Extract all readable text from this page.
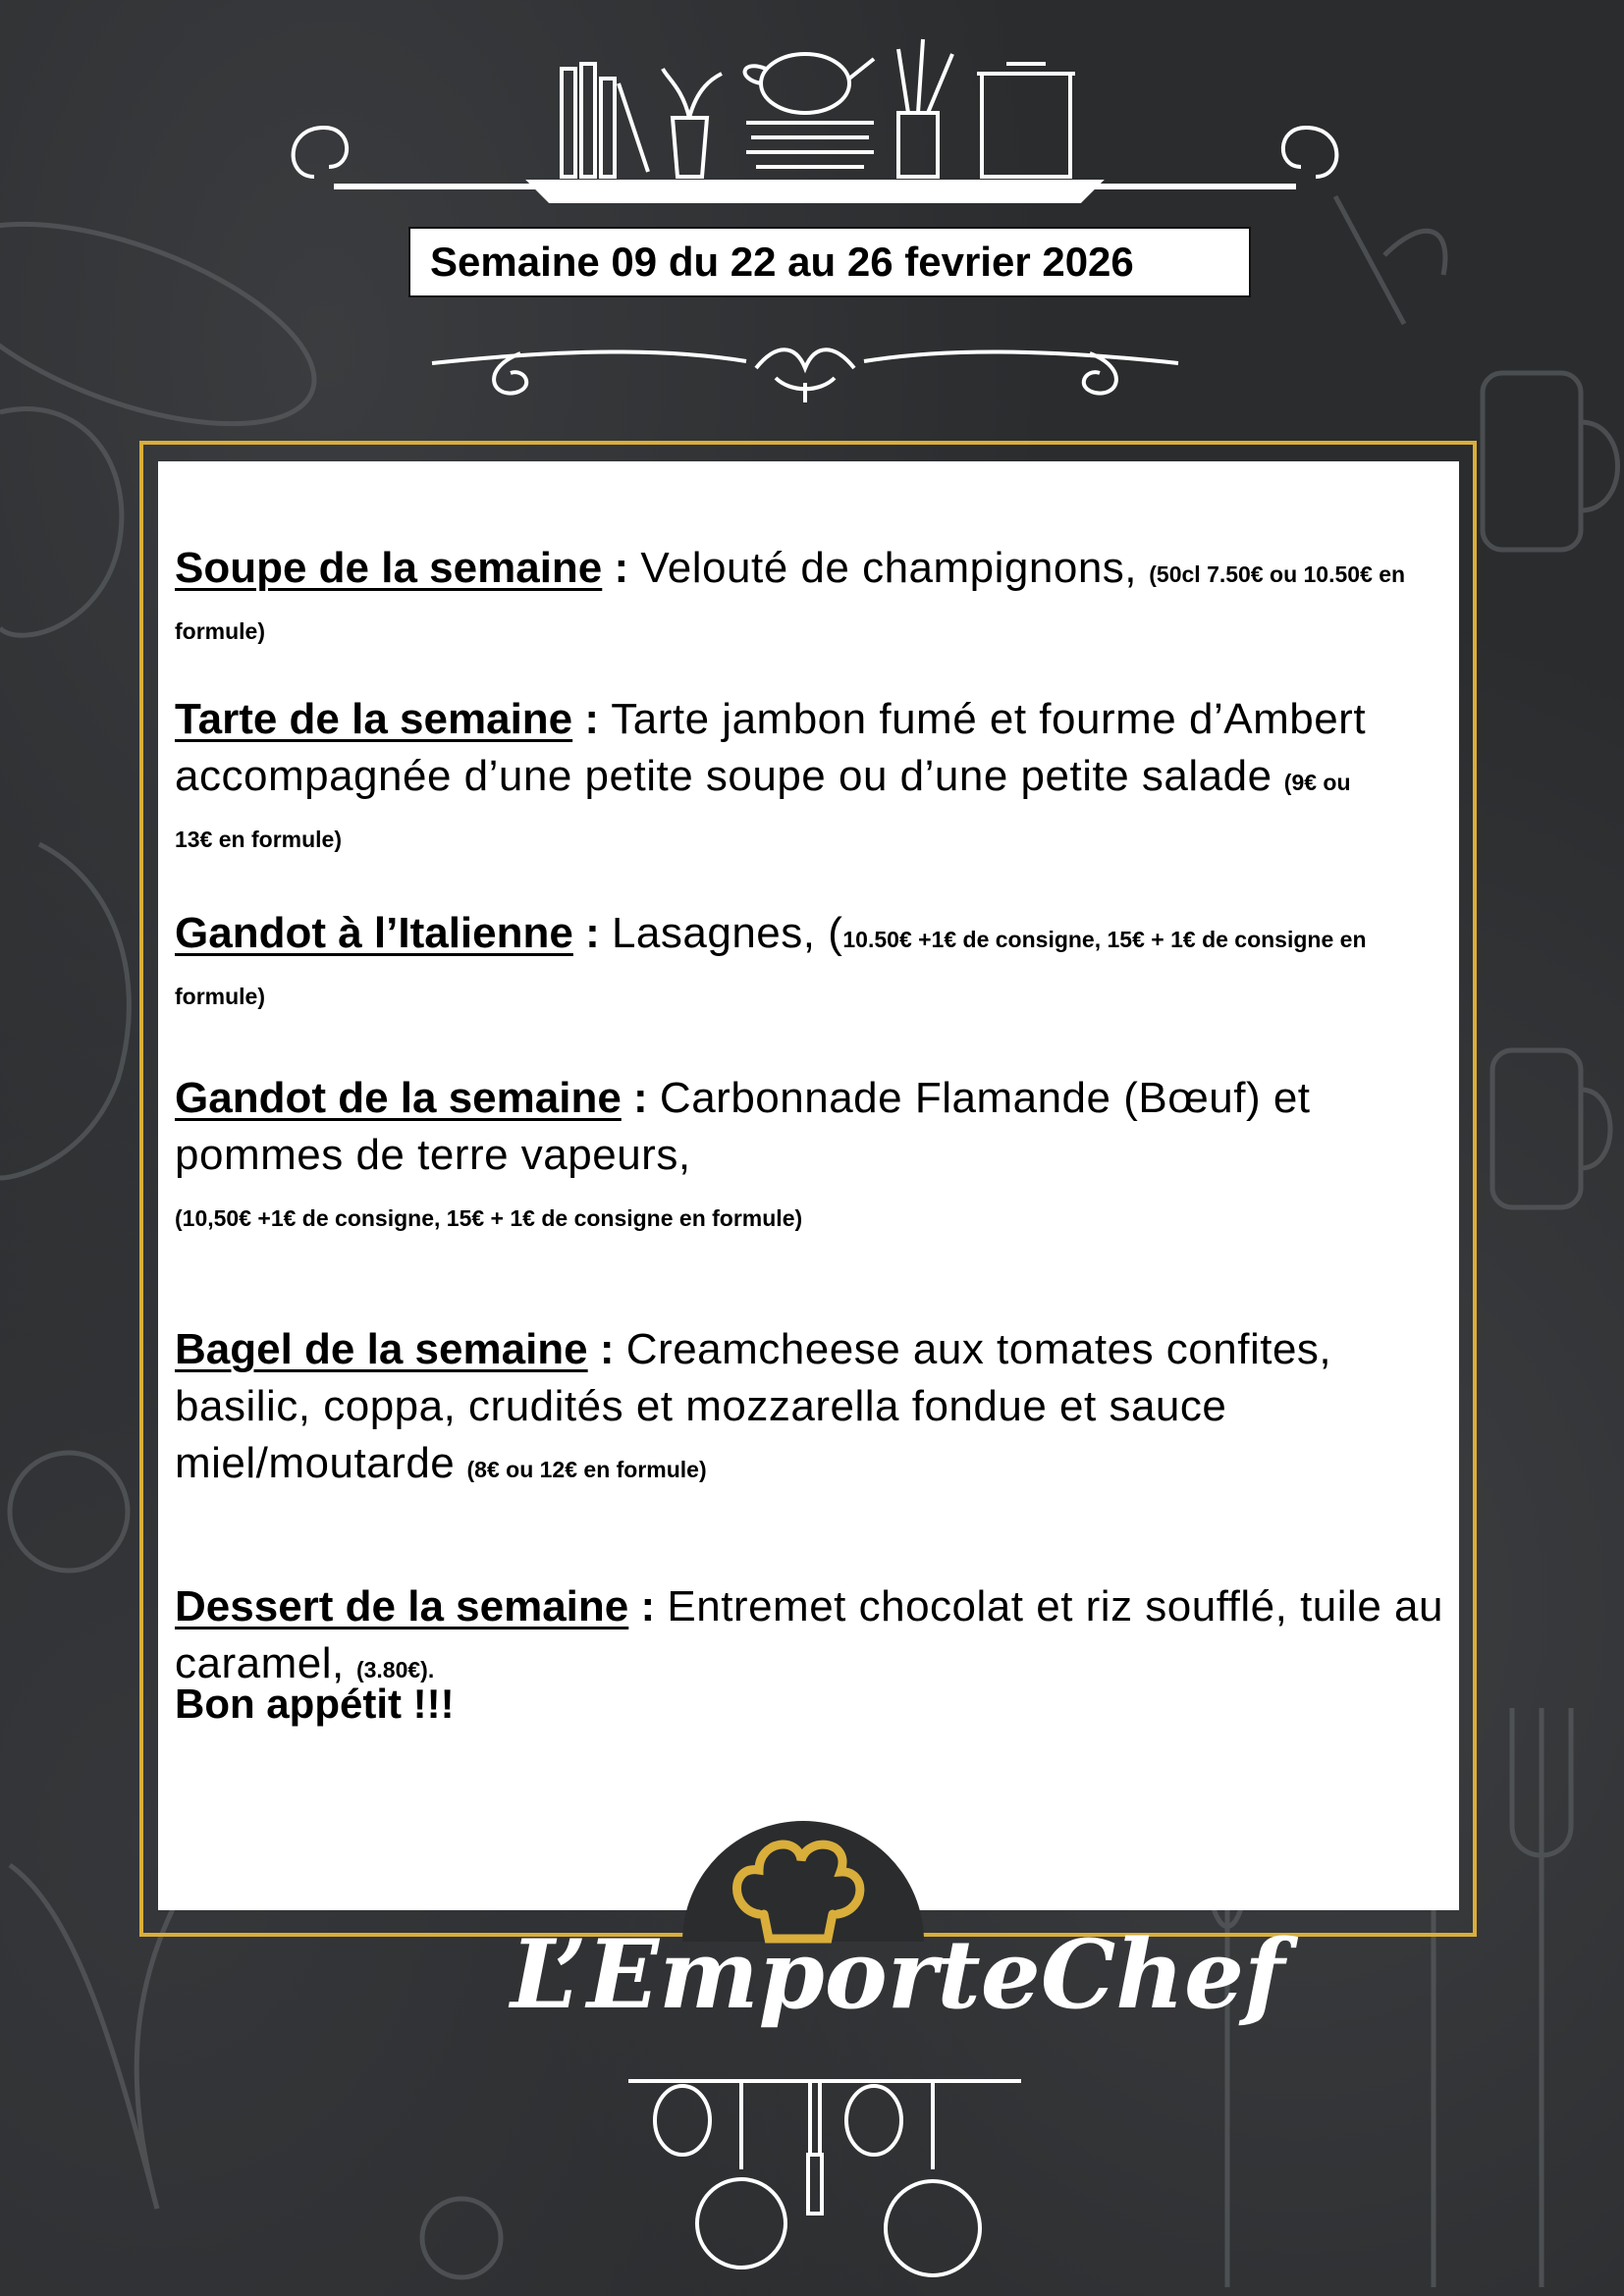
Semaine 09 du 22 au 26 fevrier 2026

Soupe de la semaine : Velouté de champignons, (50cl 7.50€ ou 10.50€ en formule)

Tarte de la semaine : Tarte jambon fumé et fourme d’Ambert accompagnée d’une petite soupe ou d’une petite salade (9€ ou 13€ en formule)

Gandot à l’Italienne : Lasagnes, (10.50€ +1€ de consigne, 15€ + 1€ de consigne en formule)

Gandot de la semaine : Carbonnade Flamande (Bœuf) et pommes de terre vapeurs,
(10,50€ +1€ de consigne, 15€ + 1€ de consigne en formule)

Bagel de la semaine : Creamcheese aux tomates confites, basilic, coppa, crudités et mozzarella fondue et sauce miel/moutarde (8€ ou 12€ en formule)

Dessert de la semaine : Entremet chocolat et riz soufflé, tuile au caramel, (3.80€).

Bon appétit !!!

L’EmporteChef
